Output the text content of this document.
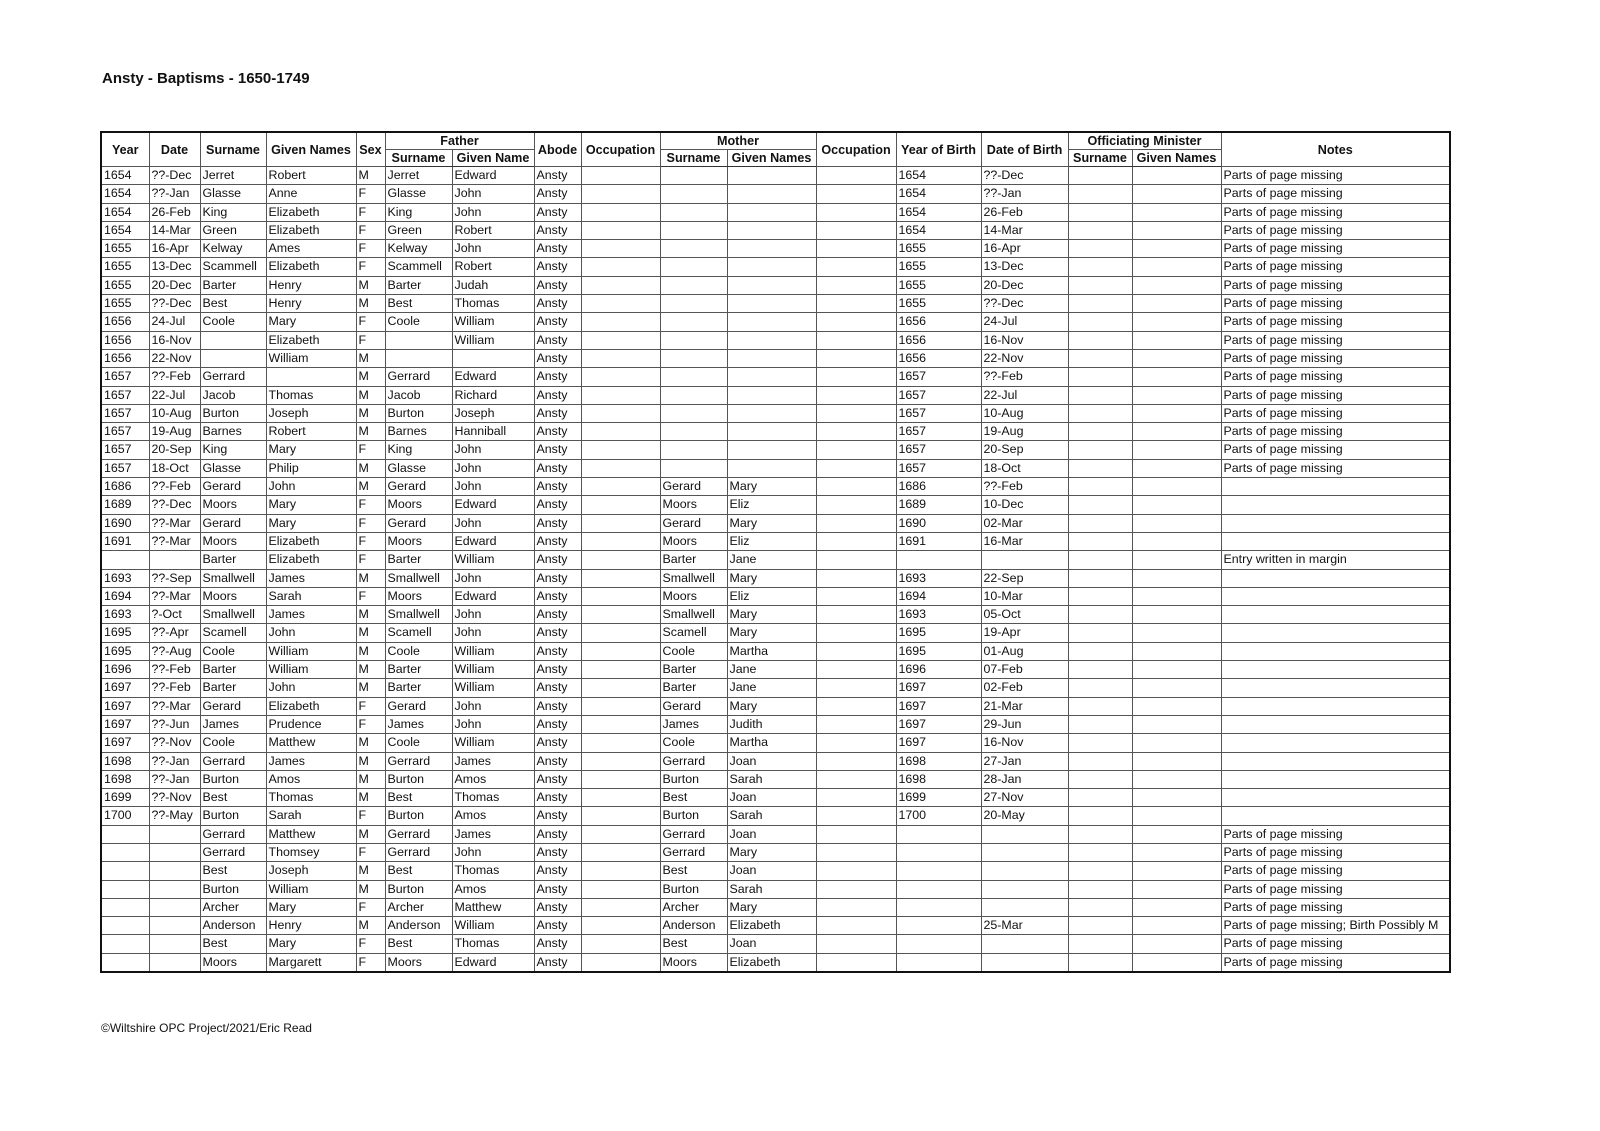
Ansty - Baptisms - 1650-1749
Year	Date	Surname	Given Names	Sex	Father		Abode	Occupation	Mother		Occupation	Year of Birth	Date of Birth	Officiating Minister		Notes
					Surname	Given Name			Surname	Given Names				Surname	Given Names	
1654	??-Dec	Jerret	Robert	M	Jerret	Edward	Ansty					1654	??-Dec			Parts of page missing
1654	??-Jan	Glasse	Anne	F	Glasse	John	Ansty					1654	??-Jan			Parts of page missing
1654	26-Feb	King	Elizabeth	F	King	John	Ansty					1654	26-Feb			Parts of page missing
1654	14-Mar	Green	Elizabeth	F	Green	Robert	Ansty					1654	14-Mar			Parts of page missing
1655	16-Apr	Kelway	Ames	F	Kelway	John	Ansty					1655	16-Apr			Parts of page missing
1655	13-Dec	Scammell	Elizabeth	F	Scammell	Robert	Ansty					1655	13-Dec			Parts of page missing
1655	20-Dec	Barter	Henry	M	Barter	Judah	Ansty					1655	20-Dec			Parts of page missing
1655	??-Dec	Best	Henry	M	Best	Thomas	Ansty					1655	??-Dec			Parts of page missing
1656	24-Jul	Coole	Mary	F	Coole	William	Ansty					1656	24-Jul			Parts of page missing
1656	16-Nov		Elizabeth	F		William	Ansty					1656	16-Nov			Parts of page missing
1656	22-Nov		William	M			Ansty					1656	22-Nov			Parts of page missing
1657	??-Feb	Gerrard		M	Gerrard	Edward	Ansty					1657	??-Feb			Parts of page missing
1657	22-Jul	Jacob	Thomas	M	Jacob	Richard	Ansty					1657	22-Jul			Parts of page missing
1657	10-Aug	Burton	Joseph	M	Burton	Joseph	Ansty					1657	10-Aug			Parts of page missing
1657	19-Aug	Barnes	Robert	M	Barnes	Hanniball	Ansty					1657	19-Aug			Parts of page missing
1657	20-Sep	King	Mary	F	King	John	Ansty					1657	20-Sep			Parts of page missing
1657	18-Oct	Glasse	Philip	M	Glasse	John	Ansty					1657	18-Oct			Parts of page missing
1686	??-Feb	Gerard	John	M	Gerard	John	Ansty		Gerard	Mary		1686	??-Feb			
1689	??-Dec	Moors	Mary	F	Moors	Edward	Ansty		Moors	Eliz		1689	10-Dec			
1690	??-Mar	Gerard	Mary	F	Gerard	John	Ansty		Gerard	Mary		1690	02-Mar			
1691	??-Mar	Moors	Elizabeth	F	Moors	Edward	Ansty		Moors	Eliz		1691	16-Mar			
		Barter	Elizabeth	F	Barter	William	Ansty		Barter	Jane						Entry written in margin
1693	??-Sep	Smallwell	James	M	Smallwell	John	Ansty		Smallwell	Mary		1693	22-Sep			
1694	??-Mar	Moors	Sarah	F	Moors	Edward	Ansty		Moors	Eliz		1694	10-Mar			
1693	?-Oct	Smallwell	James	M	Smallwell	John	Ansty		Smallwell	Mary		1693	05-Oct			
1695	??-Apr	Scamell	John	M	Scamell	John	Ansty		Scamell	Mary		1695	19-Apr			
1695	??-Aug	Coole	William	M	Coole	William	Ansty		Coole	Martha		1695	01-Aug			
1696	??-Feb	Barter	William	M	Barter	William	Ansty		Barter	Jane		1696	07-Feb			
1697	??-Feb	Barter	John	M	Barter	William	Ansty		Barter	Jane		1697	02-Feb			
1697	??-Mar	Gerard	Elizabeth	F	Gerard	John	Ansty		Gerard	Mary		1697	21-Mar			
1697	??-Jun	James	Prudence	F	James	John	Ansty		James	Judith		1697	29-Jun			
1697	??-Nov	Coole	Matthew	M	Coole	William	Ansty		Coole	Martha		1697	16-Nov			
1698	??-Jan	Gerrard	James	M	Gerrard	James	Ansty		Gerrard	Joan		1698	27-Jan			
1698	??-Jan	Burton	Amos	M	Burton	Amos	Ansty		Burton	Sarah		1698	28-Jan			
1699	??-Nov	Best	Thomas	M	Best	Thomas	Ansty		Best	Joan		1699	27-Nov			
1700	??-May	Burton	Sarah	F	Burton	Amos	Ansty		Burton	Sarah		1700	20-May			
		Gerrard	Matthew	M	Gerrard	James	Ansty		Gerrard	Joan						Parts of page missing
		Gerrard	Thomsey	F	Gerrard	John	Ansty		Gerrard	Mary						Parts of page missing
		Best	Joseph	M	Best	Thomas	Ansty		Best	Joan						Parts of page missing
		Burton	William	M	Burton	Amos	Ansty		Burton	Sarah						Parts of page missing
		Archer	Mary	F	Archer	Matthew	Ansty		Archer	Mary						Parts of page missing
		Anderson	Henry	M	Anderson	William	Ansty		Anderson	Elizabeth			25-Mar			Parts of page missing; Birth Possibly M
		Best	Mary	F	Best	Thomas	Ansty		Best	Joan						Parts of page missing
		Moors	Margarett	F	Moors	Edward	Ansty		Moors	Elizabeth						Parts of page missing
©Wiltshire OPC Project/2021/Eric Read
